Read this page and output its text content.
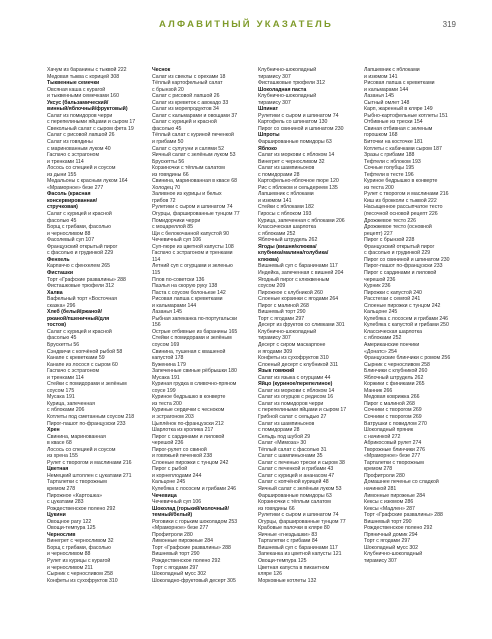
АЛФАВИТНЫЙ УКАЗАТЕЛЬ	319
Хачум из баранины с тыквой 222
Медовая тыква с корицей 308
Тыквенные семечки
Овсяная каша с курагой
и тыквенными семечками 160
Уксус (бальзамический/
винный/яблочный/фруктовый)
Салат из помидоров черри
с перепелиными яйцами и сыром 17
Свекольный салат с сыром фета 19
Салат с рисовой лапшой 26
Салат из говядины
с маринованным луком 40
Гаспачо с эстрагоном
и тренками 114
Лосось со специей и соусом
из дыни 155
Медальоны с красным луком 164
«Мраморное» безе 277
Фасоль (красная
консервированная/
стручковая)
Салат с курицей и красной
фасолью 45
Борщ с грибами, фасолью
и черносливом 88
Фасолевый суп 107
Французский открытый пирог
с фасолью и грудинкой 229
Фенхель
Карпаччо с фенхелем 265
Фисташки
Торт «Графские развалины» 288
Фисташковые трюфели 312
Халва
Вафельный торт «Восточная
сказка» 296
Хлеб (белый/ржаной/
ржаной/пшеничный/для
тостов)
Салат с курицей и красной
фасолью 45
Брускетты 56
Сэндвичи с копчёной рыбой 58
Канапе с креветками 59
Канапе из лосося с сыром 60
Гаспачо с эстрагоном
и тренками 114
Стейки с помидорами и зелёным
соусом 175
Мусака 191
Курица, запеченная
с яблоками 206
Котлеты под сметанным соусом 218
Пирог-пашот по-французски 233
Хрен
Свинина, маринованная
в квасе 68
Лосось со специей и соусом
из хрена 155
Рулет с творогом и маслинами 216
Цветная
Немецкий штоллен с цукатами 271
Тарталетки с творожным
кремом 278
Пирожное «Картошка»
с цукатами 283
Рождественское полено 292
Цукини
Овощное рагу 122
Овощи-темпура 125
Чернослив
Винегрет с черносливом 32
Борщ с грибами, фасолью
и черносливом 88
Рулет из курицы с курагой
и черносливом 211
Сырник с черносливом 258
Конфеты из сухофруктов 310
Чеснок
Салат из свеклы с орехами 18
Тёплый картофельный салат
с брынзой 20
Салат с рисовой лапшой 26
Салат из креветок с авокадо 33
Салат из морепродуктов 34
Салат с кальмарами и овощами 37
Салат с курицей и красной
фасолью 45
Тёплый салат с куриной печенкой
и грибами 50
Салат с сулугуни и салями 52
Яичный салат с зелёным луком 53
Брускетты 56
Корзиночки с тёплым салатом
из говядины 66
Свинина, маринованная в квасе 68
Холодец 70
Заливное из курицы и белых
грибов 72
Рулетики с сыром и шпинатом 74
Огурцы, фаршированные тунцом 77
Помидорчики черри
с моцареллой 85
Щи с белокочанной капустой 90
Чечевичный суп 106
Суп-пюре из цветной капусты 108
Гаспачо с эстрагоном и тренками
114
Летний суп с огурцами и зеленью
115
Плов по-советски 136
Паэлья на скорую руку 138
Паста с соусом болоньезе 142
Рисовая лапша с креветками
и кальмарами 144
Лазанья 145
Рыбная запеканка по-португальски
156
Острые отбивные из баранины 165
Стейки с помидорами и зелёным
соусом 169
Свинина, тушеная с квашеной
капустой 178
Буженина 179
Запеченные свиные рёбрышки 180
Мусака 191
Куриная грудка в сливочно-пряном
соусе 199
Куриное бедрышко в конверте
из теста 200
Куриные сердечки с чесноком
и эстрагоном 203
Цыплёнок по-французски 212
Шарлотка из кролика 217
Пирог с сардинами и лиловой
черешой 236
Пирог-рулет со свиной
и говяжьей печенкой 238
Слоеные пирожки с тунцом 242
Пирог с рыбой
и корнеплодами 244
Кальцоне 245
Кулебяка с лососем и грибами 246
Чечевица
Чечевичный суп 106
Шоколад (горький/молочный/
темный/белый)
Роговики с горьким шоколадом 253
«Мраморное» безе 277
Профитроли 280
Лимонные пирожные 284
Торт «Графские развалины» 288
Вишневый торт 290
Рождественское полено 292
Торт с ягодами 297
Шоколадный мусс 302
Шоколадно-фруктовый десерт 305
Клубнично-шоколадный
тирамису 307
Фисташковые трюфели 312
Шоколадная паста
Клубнично-шоколадный
тирамису 307
Шпинат
Рулетики с сыром и шпинатом 74
Картофель со шпинатом 130
Пирог со свининой и шпинатом 230
Шпроты
Фаршированные помидоры 63
Яблоко
Салат из моркови с яблоком 14
Винегрет с черносливом 32
Салат из шампиньонов
с помидорами 28
Картофельно-яблочное пюре 120
Рис с яблоком и сельдереем 135
Лапшевник с яблоками
и изюмом 141
Стейки с яблоками 182
Гиросы с яблоком 193
Курица, запеченная с яблоками 206
Классическая шарлотка
с яблоками 252
Яблочный штрудель 262
Ягоды (вишня/клюква/
клубника/малина/голубика/
клюква)
Вишневый суп с баранинами 117
Индейка, запеченная с вишней 204
Ягодный пирог с клюквенным
соусом 209
Пирожное с клубникой 260
Слоеные корзинки с ягодами 264
Пирог с малиной 268
Вишневый торт 290
Торт с ягодами 297
Десерт из фруктов со сливками 301
Клубнично-шоколадный
тирамису 307
Десерт с сиром маскарпоне
и ягодами 309
Конфеты из сухофруктов 310
Слоеный десерт с клубникой 311
Язык говяжий
Салат из языка с огурцами 44
Яйцо (куриное/перепелиное)
Салат из моркови с яблоком 14
Салат из огурцов с редисом 16
Салат из помидоров черри
с перепелиными яйцами и сыром 17
Грибной салат с сельдью 27
Салат из шампиньонов
с помидорами 28
Сельдь под шубой 29
Салат «Мимоза» 30
Тёплый салат с фасолью 31
Салат с шампиньонами 35
Салат с печенью трески и сыром 38
Салат с печенкой и грибами 43
Салат с курицей и ананасом 47
Салат с копчёной курицей 48
Яичный салат с зелёным луком 53
Фаршированные помидоры 63
Корзиночки с тёплым салатом
из говядины 66
Рулетики с сыром и шпинатом 74
Огурцы, фаршированные тунцом 77
Крабовые палочки в кляре 80
Яичные «гнездышки» 83
Тарталетки с грибами 84
Вишневый суп с баранинами 117
Запеканка из цветной капусты 121
Овощи-темпура 125
Цветная капуста в пикантном
кляре 126
Морковные котлеты 132
Лапшевник с яблоками
и изюмом 141
Рисовая лапша с креветками
и кальмарами 144
Лазанья 145
Сытный омлет 148
Карп, жаренный в кляре 149
Рыбно-картофельные котлеты 151
Отбивные из трески 154
Свиная отбивная с зеленым
горошком 168
Биточки на косточке 181
Котлеты с кабачками сыром 187
Зразы с грибами 188
Тефтели с яблоком 193
Сочные голубцы 195
Тефтели в тесте 196
Куриное бедрышко в конверте
из теста 200
Рулет с творогом и маслинами 216
Киш из брокколи с тыквой 222
Насыщенное рассыпчатое тесто
(песочной основой рецепт 226
Дрожжевое тесто 226
Дрожжевое тесто (основной
рецепт) 227
Пирог с брынзой 228
Французский открытый пирог
с фасолью и грудинкой 229
Пирог со свининой и шпинатом 230
Пирог-пашот по-французски 233
Пирог с сардинами и лиловой
черешой 236
Курник 236
Пирожки с капустой 240
Расстегаи с семгой 241
Слоеные пирожки с тунцом 242
Кальцоне 245
Кулебяка с лососем и грибами 246
Кулебяка с капустой и грибами 250
Классическая шарлотка
с яблоками 252
Американские пончики
«Донатс» 254
Французские блинчики с ромом 256
Сырник с черносливом 258
Блинчики с клубникой 260
Яблочный штрудель 262
Коржики с финиками 265
Манник 266
Медовая коврижка 266
Пирог с малиной 268
Сочники с творогом 269
Сочники с творогом 269
Ватрушки с повидлом 270
Шоколадный пряник
с начинкой 272
Абрикосовый рулет 274
Творожные блинчики 276
«Мраморное» безе 277
Тарталетки с творожным
кремом 278
Профитроли 280
Домашнее печенье со сладкой
начинкой 281
Лимонные пирожные 284
Кексы с изюмом 286
Кексы «Мадлен» 287
Торт «Графские развалины» 288
Вишневый торт 290
Рождественское полено 292
Пряничный домик 294
Торт с ягодами 297
Шоколадный мусс 302
Клубнично-шоколадный
тирамису 307
